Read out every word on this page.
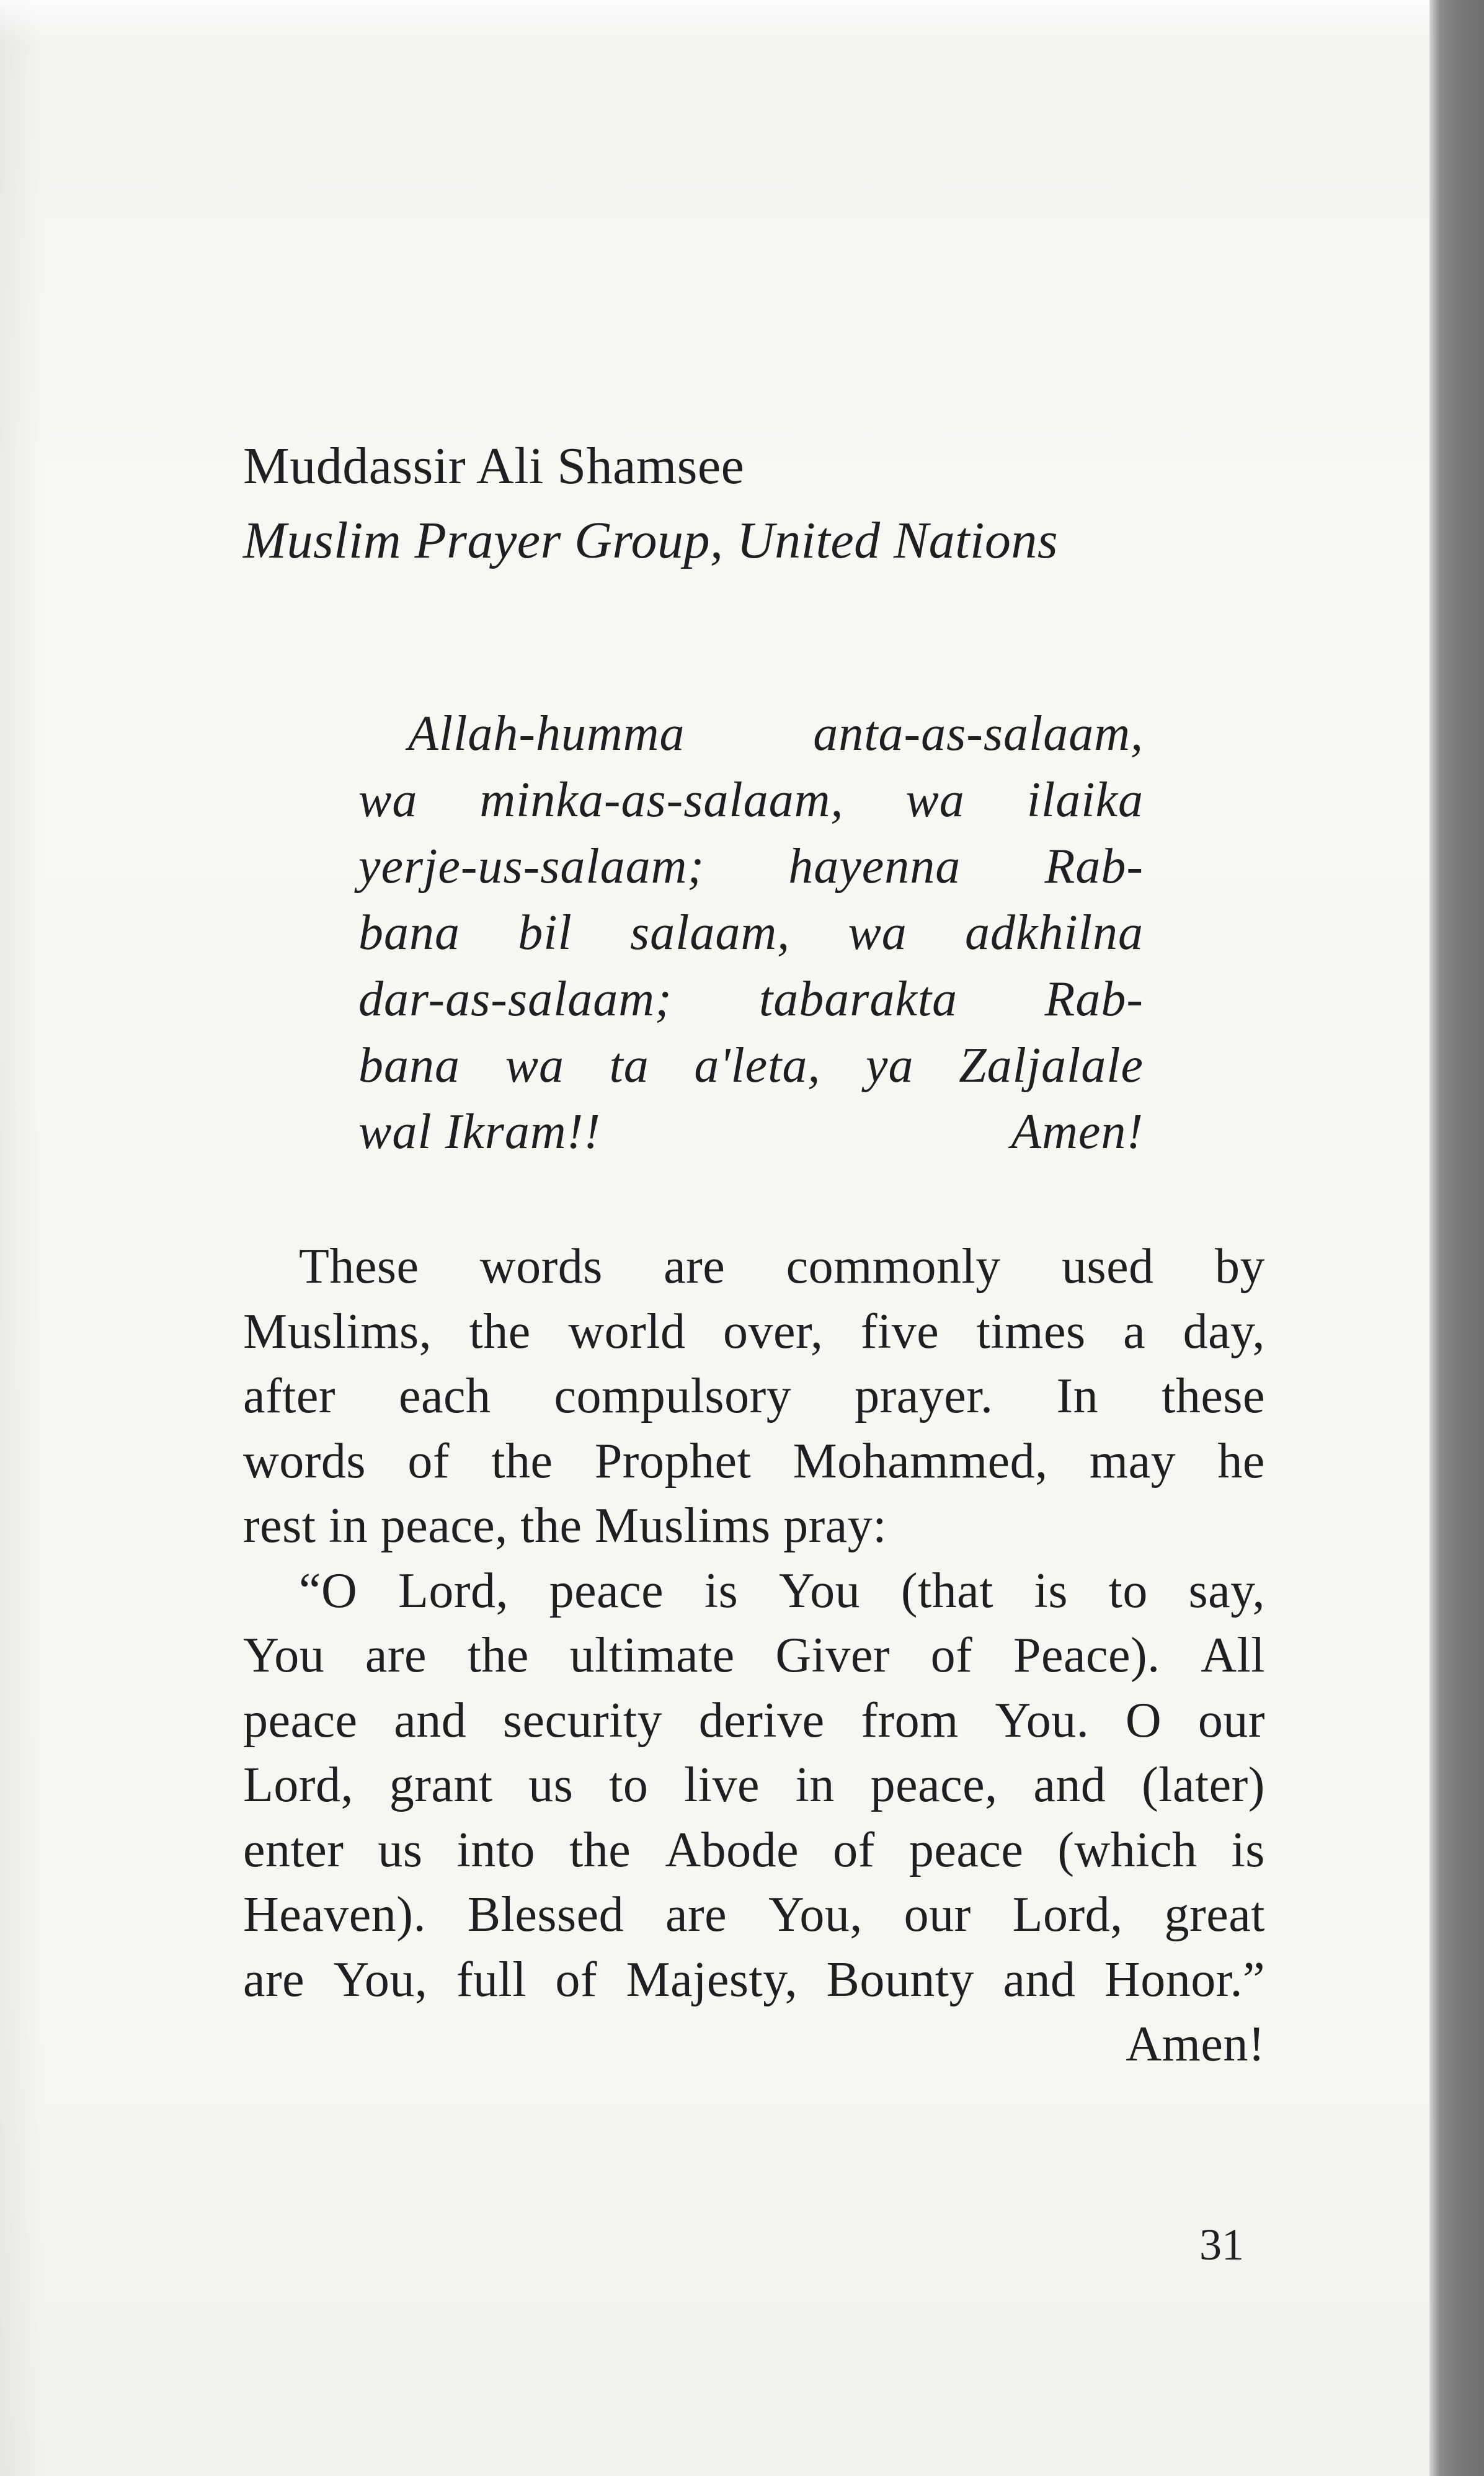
Muddassir Ali Shamsee
Muslim Prayer Group, United Nations
Allah-humma	anta-as-salaam,
wa minka-as-salaam, wa ilaika
yerje-us-salaam; hayenna Rab-
bana bil salaam, wa adkhilna
dar-as-salaam; tabarakta Rab-
bana wa ta a'leta, ya Zaljalale
wal Ikram!!	Amen!
These words are commonly used by
Muslims, the world over, five times a day,
after each compulsory prayer. In these
words of the Prophet Mohammed, may he
rest in peace, the Muslims pray:
“O Lord, peace is You (that is to say,
You are the ultimate Giver of Peace). All
peace and security derive from You. O our
Lord, grant us to live in peace, and (later)
enter us into the Abode of peace (which is
Heaven). Blessed are You, our Lord, great
are You, full of Majesty, Bounty and Honor.”
Amen!
31
